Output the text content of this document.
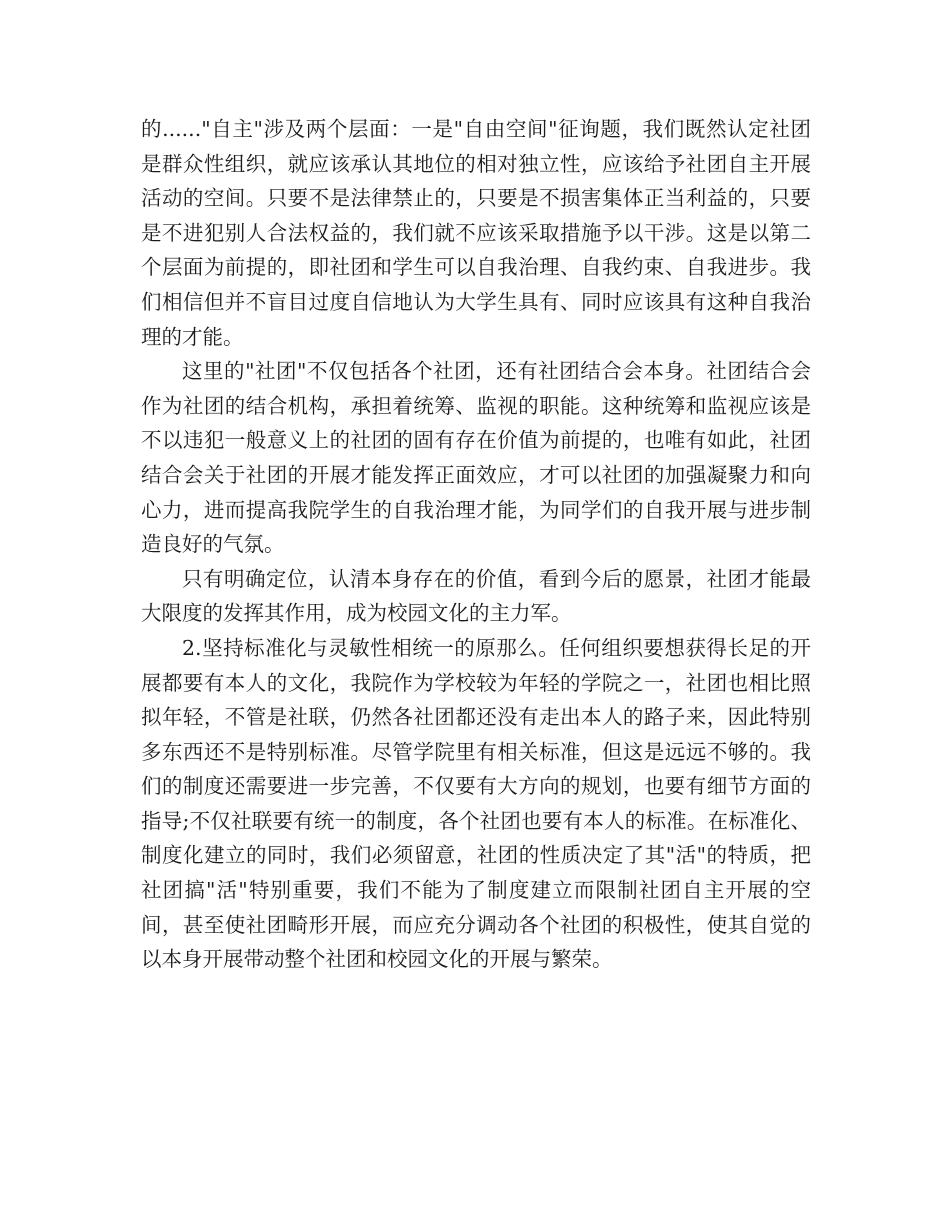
的......"自主"涉及两个层面：一是"自由空间"征询题，我们既然认定社团是群众性组织，就应该承认其地位的相对独立性，应该给予社团自主开展活动的空间。只要不是法律禁止的，只要是不损害集体正当利益的，只要是不进犯别人合法权益的，我们就不应该采取措施予以干涉。这是以第二个层面为前提的，即社团和学生可以自我治理、自我约束、自我进步。我们相信但并不盲目过度自信地认为大学生具有、同时应该具有这种自我治理的才能。

这里的"社团"不仅包括各个社团，还有社团结合会本身。社团结合会作为社团的结合机构，承担着统筹、监视的职能。这种统筹和监视应该是不以违犯一般意义上的社团的固有存在价值为前提的，也唯有如此，社团结合会关于社团的开展才能发挥正面效应，才可以社团的加强凝聚力和向心力，进而提高我院学生的自我治理才能，为同学们的自我开展与进步制造良好的气氛。

只有明确定位，认清本身存在的价值，看到今后的愿景，社团才能最大限度的发挥其作用，成为校园文化的主力军。

2.坚持标准化与灵敏性相统一的原那么。任何组织要想获得长足的开展都要有本人的文化，我院作为学校较为年轻的学院之一，社团也相比照拟年轻，不管是社联，仍然各社团都还没有走出本人的路子来，因此特别多东西还不是特别标准。尽管学院里有相关标准，但这是远远不够的。我们的制度还需要进一步完善，不仅要有大方向的规划，也要有细节方面的指导;不仅社联要有统一的制度，各个社团也要有本人的标准。在标准化、制度化建立的同时，我们必须留意，社团的性质决定了其"活"的特质，把社团搞"活"特别重要，我们不能为了制度建立而限制社团自主开展的空间，甚至使社团畸形开展，而应充分调动各个社团的积极性，使其自觉的以本身开展带动整个社团和校园文化的开展与繁荣。
